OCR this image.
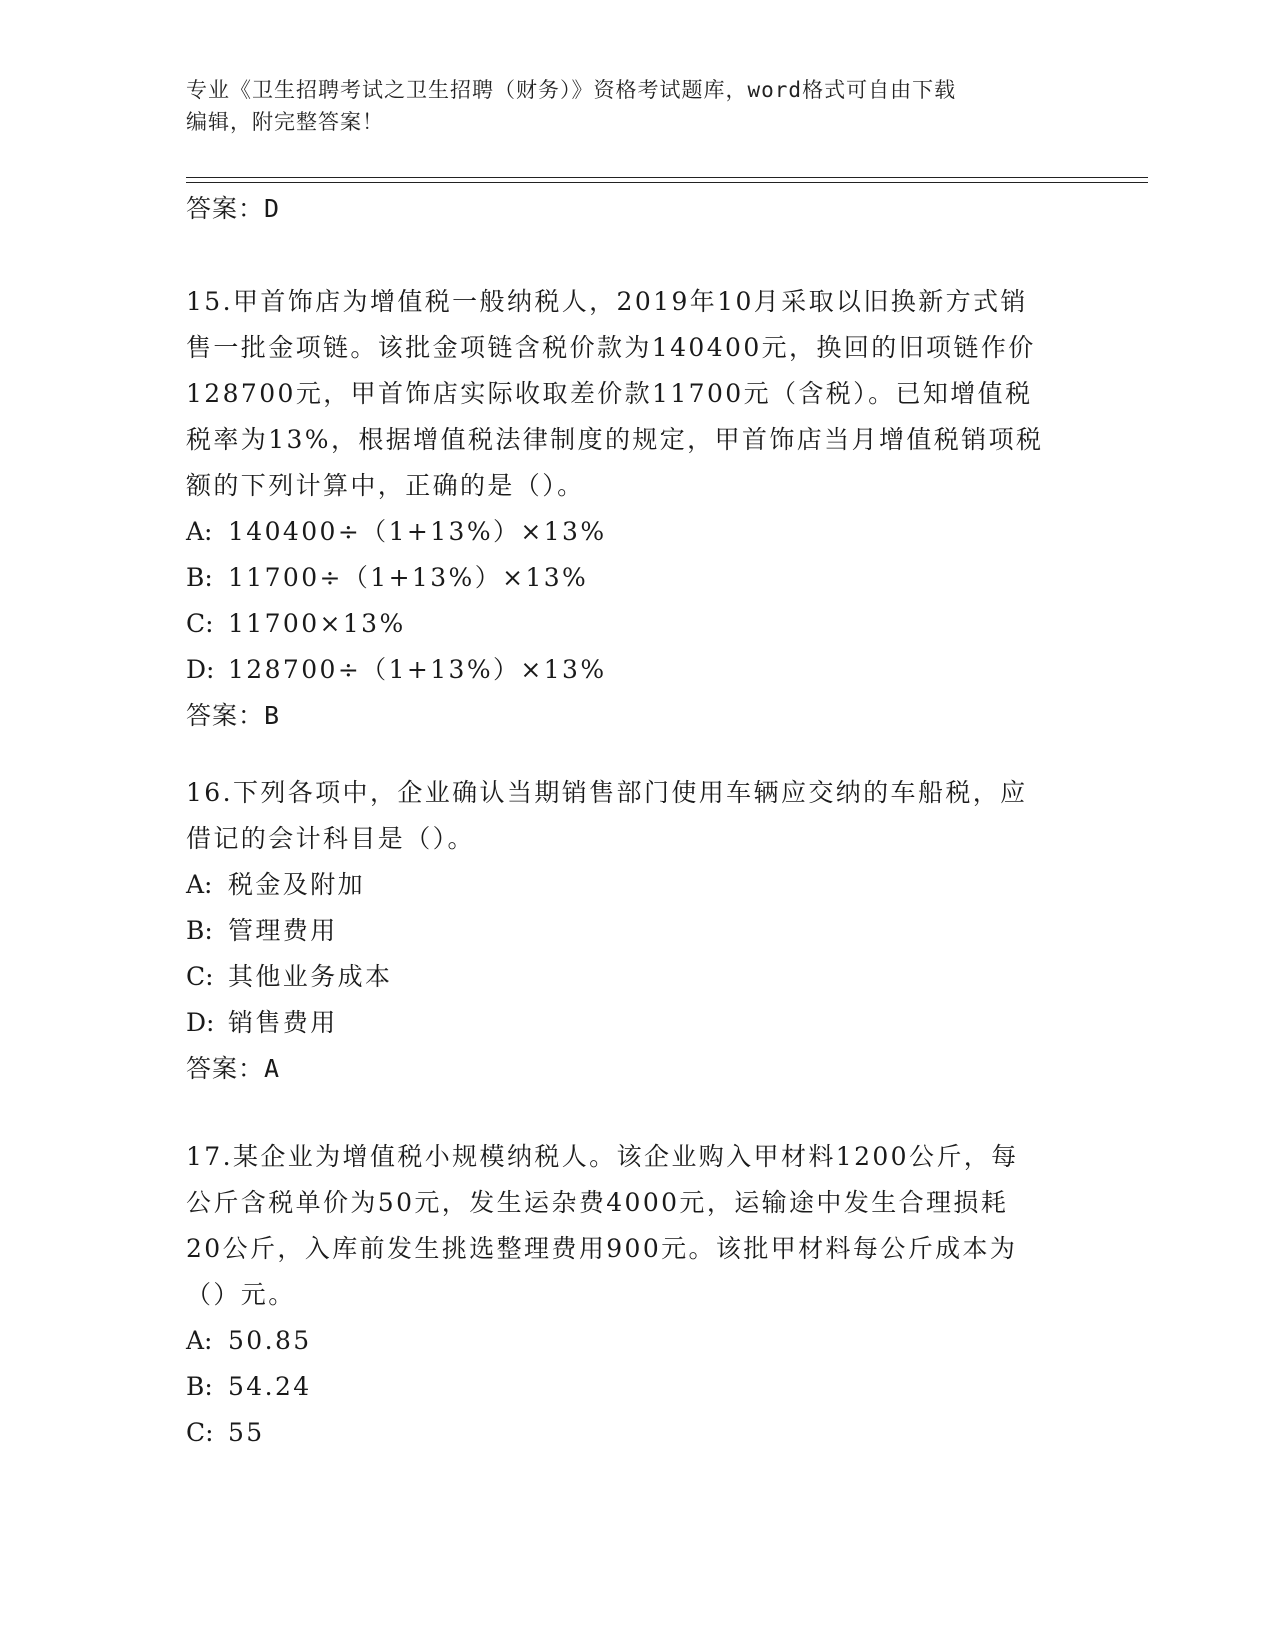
专业《卫生招聘考试之卫生招聘（财务）》资格考试题库，word格式可自由下载
编辑，附完整答案！
答案：D
15.甲首饰店为增值税一般纳税人，2019年10月采取以旧换新方式销
售一批金项链。该批金项链含税价款为140400元，换回的旧项链作价
128700元，甲首饰店实际收取差价款11700元（含税）。已知增值税
税率为13%，根据增值税法律制度的规定，甲首饰店当月增值税销项税
额的下列计算中，正确的是（）。
A: 140400÷（1+13%）×13%
B: 11700÷（1+13%）×13%
C: 11700×13%
D: 128700÷（1+13%）×13%
答案：B
16.下列各项中，企业确认当期销售部门使用车辆应交纳的车船税，应
借记的会计科目是（）。
A: 税金及附加
B: 管理费用
C: 其他业务成本
D: 销售费用
答案：A
17.某企业为增值税小规模纳税人。该企业购入甲材料1200公斤，每
公斤含税单价为50元，发生运杂费4000元，运输途中发生合理损耗
20公斤，入库前发生挑选整理费用900元。该批甲材料每公斤成本为
（）元。
A: 50.85
B: 54.24
C: 55
